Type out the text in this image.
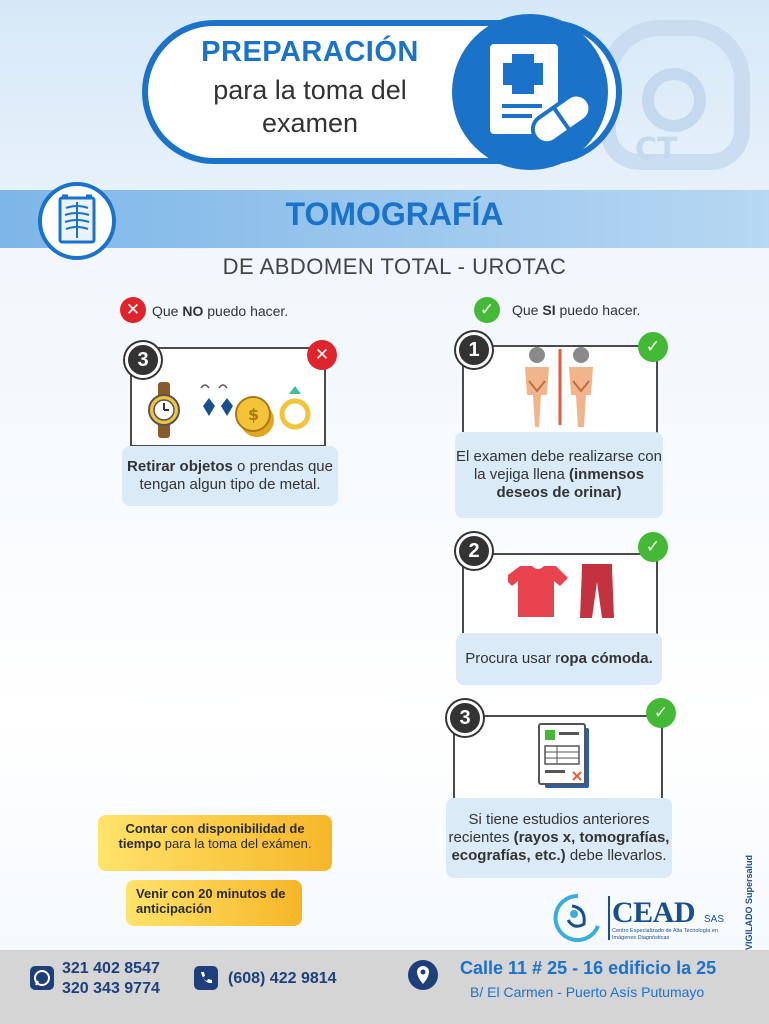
CT
PREPARACIÓN
para la toma del
examen
TOMOGRAFÍA
DE ABDOMEN TOTAL - UROTAC
✕ Que NO puedo hacer.	✓	Que SI puedo hacer.
3	✕
$
Retirar objetos o prendas que tengan algun tipo de metal.
1	✓
El examen debe realizarse con la vejiga llena (inmensos deseos de orinar)
2	✓
Procura usar ropa cómoda.
3	✓
Si tiene estudios anteriores recientes (rayos x, tomografías, ecografías, etc.) debe llevarlos.
Contar con disponibilidad de tiempo para la toma del exámen.
Venir con 20 minutos de anticipación	CEAD SAS
Centro Especializado de Alta Tecnología en Imágenes Diagnósticas	VIGILADO Supersalud
321 402 8547
320 343 9774
(608) 422 9814
Calle 11 # 25 - 16 edificio la 25
B/ El Carmen - Puerto Asís Putumayo
